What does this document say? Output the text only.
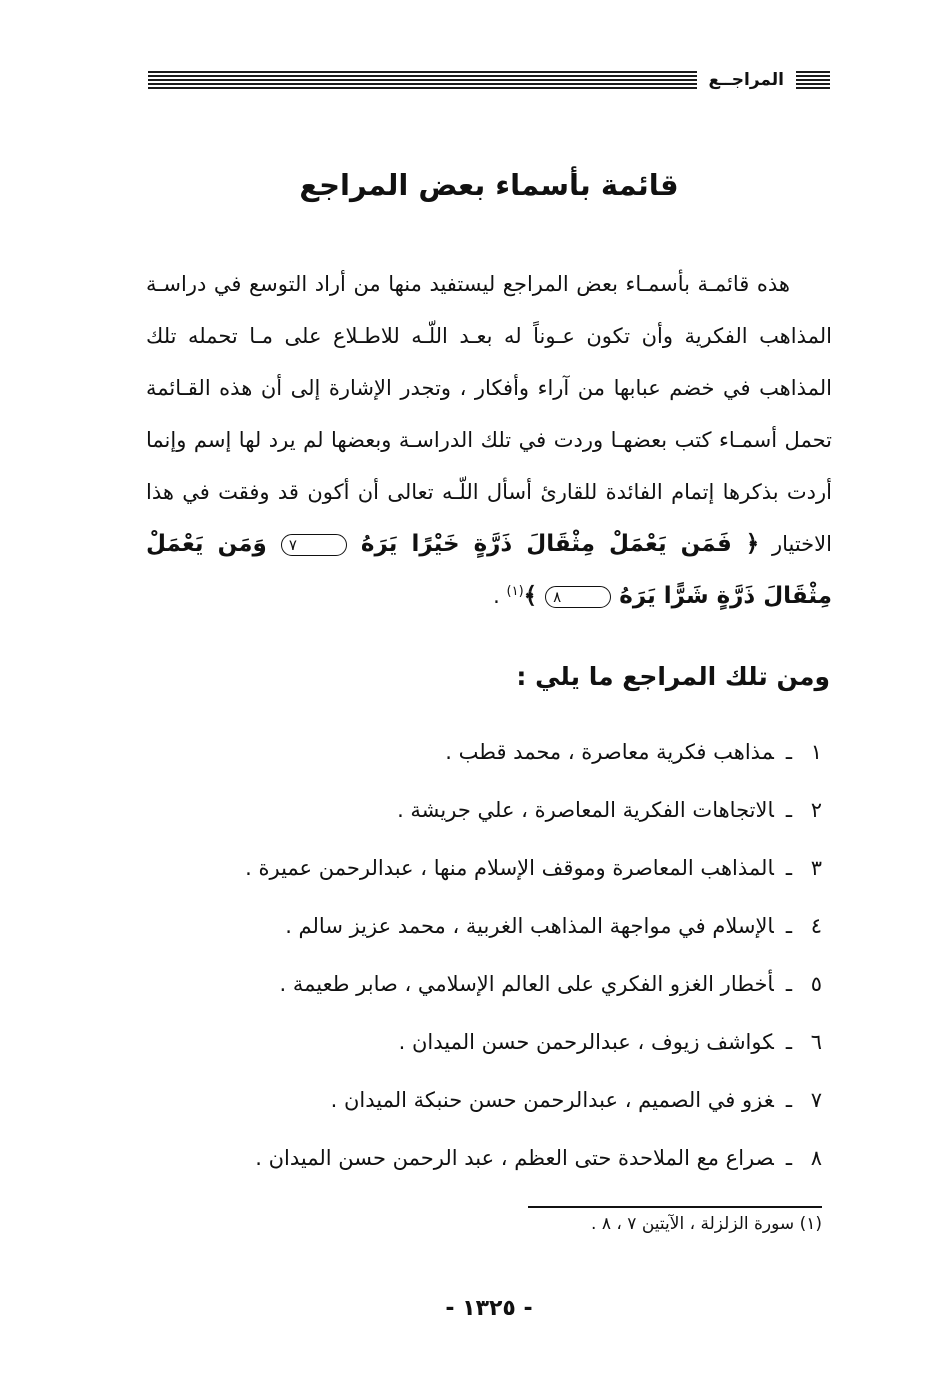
المراجــع
قائمة بأسماء بعض المراجع

هذه قائمـة بأسمـاء بعض المراجع ليستفيد منها من أراد التوسع في دراسـة المذاهب الفكرية وأن تكون عـوناً له بعـد اللّـه للاطـلاع على مـا تحمله تلك المذاهب في خضم عبابها من آراء وأفكار ، وتجدر الإشارة إلى أن هذه القـائمة تحمل أسمـاء كتب بعضهـا وردت في تلك الدراسـة وبعضها لم يرد لها إسم وإنما أردت بذكرها إتمام الفائدة للقارئ أسأل اللّـه تعالى أن أكون قد وفقت في هذا الاختيار ﴿ فَمَن يَعْمَلْ مِثْقَالَ ذَرَّةٍ خَيْرًا يَرَهُ ٧ وَمَن يَعْمَلْ مِثْقَالَ ذَرَّةٍ شَرًّا يَرَهُ ٨ ﴾$^{(١)}$ .

ومن تلك المراجع ما يلي :
١ـمذاهب فكرية معاصرة ، محمد قطب .
٢ـالاتجاهات الفكرية المعاصرة ، علي جريشة .
٣ـالمذاهب المعاصرة وموقف الإسلام منها ، عبدالرحمن عميرة .
٤ـالإسلام في مواجهة المذاهب الغربية ، محمد عزيز سالم .
٥ـأخطار الغزو الفكري على العالم الإسلامي ، صابر طعيمة .
٦ـكواشف زيوف ، عبدالرحمن حسن الميدان .
٧ـغزو في الصميم ، عبدالرحمن حسن حنبكة الميدان .
٨ـصراع مع الملاحدة حتى العظم ، عبد الرحمن حسن الميدان .

(١) سورة الزلزلة ، الآيتين ٧ ، ٨ .

- ١٣٢٥ -
